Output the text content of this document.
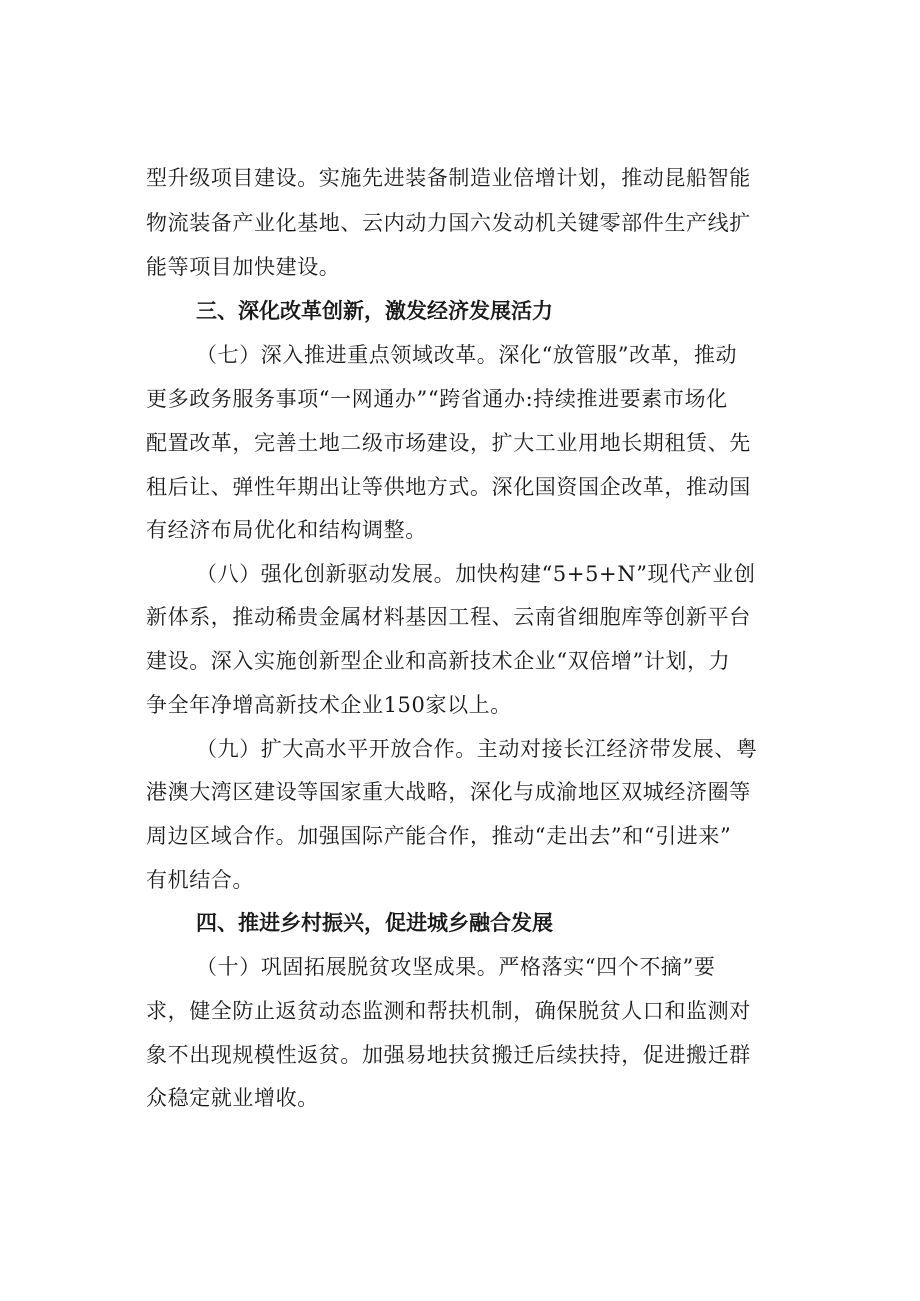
型升级项目建设。实施先进装备制造业倍增计划，推动昆船智能
物流装备产业化基地、云内动力国六发动机关键零部件生产线扩
能等项目加快建设。
三、深化改革创新，激发经济发展活力
（七）深入推进重点领域改革。深化“放管服”改革，推动
更多政务服务事项“一网通办”“跨省通办:持续推进要素市场化
配置改革，完善土地二级市场建设，扩大工业用地长期租赁、先
租后让、弹性年期出让等供地方式。深化国资国企改革，推动国
有经济布局优化和结构调整。
（八）强化创新驱动发展。加快构建“5+5+N”现代产业创
新体系，推动稀贵金属材料基因工程、云南省细胞库等创新平台
建设。深入实施创新型企业和高新技术企业“双倍增”计划，力
争全年净增高新技术企业150家以上。
（九）扩大高水平开放合作。主动对接长江经济带发展、粤
港澳大湾区建设等国家重大战略，深化与成渝地区双城经济圈等
周边区域合作。加强国际产能合作，推动“走出去”和“引进来”
有机结合。
四、推进乡村振兴，促进城乡融合发展
（十）巩固拓展脱贫攻坚成果。严格落实“四个不摘”要
求，健全防止返贫动态监测和帮扶机制，确保脱贫人口和监测对
象不出现规模性返贫。加强易地扶贫搬迁后续扶持，促进搬迁群
众稳定就业增收。
